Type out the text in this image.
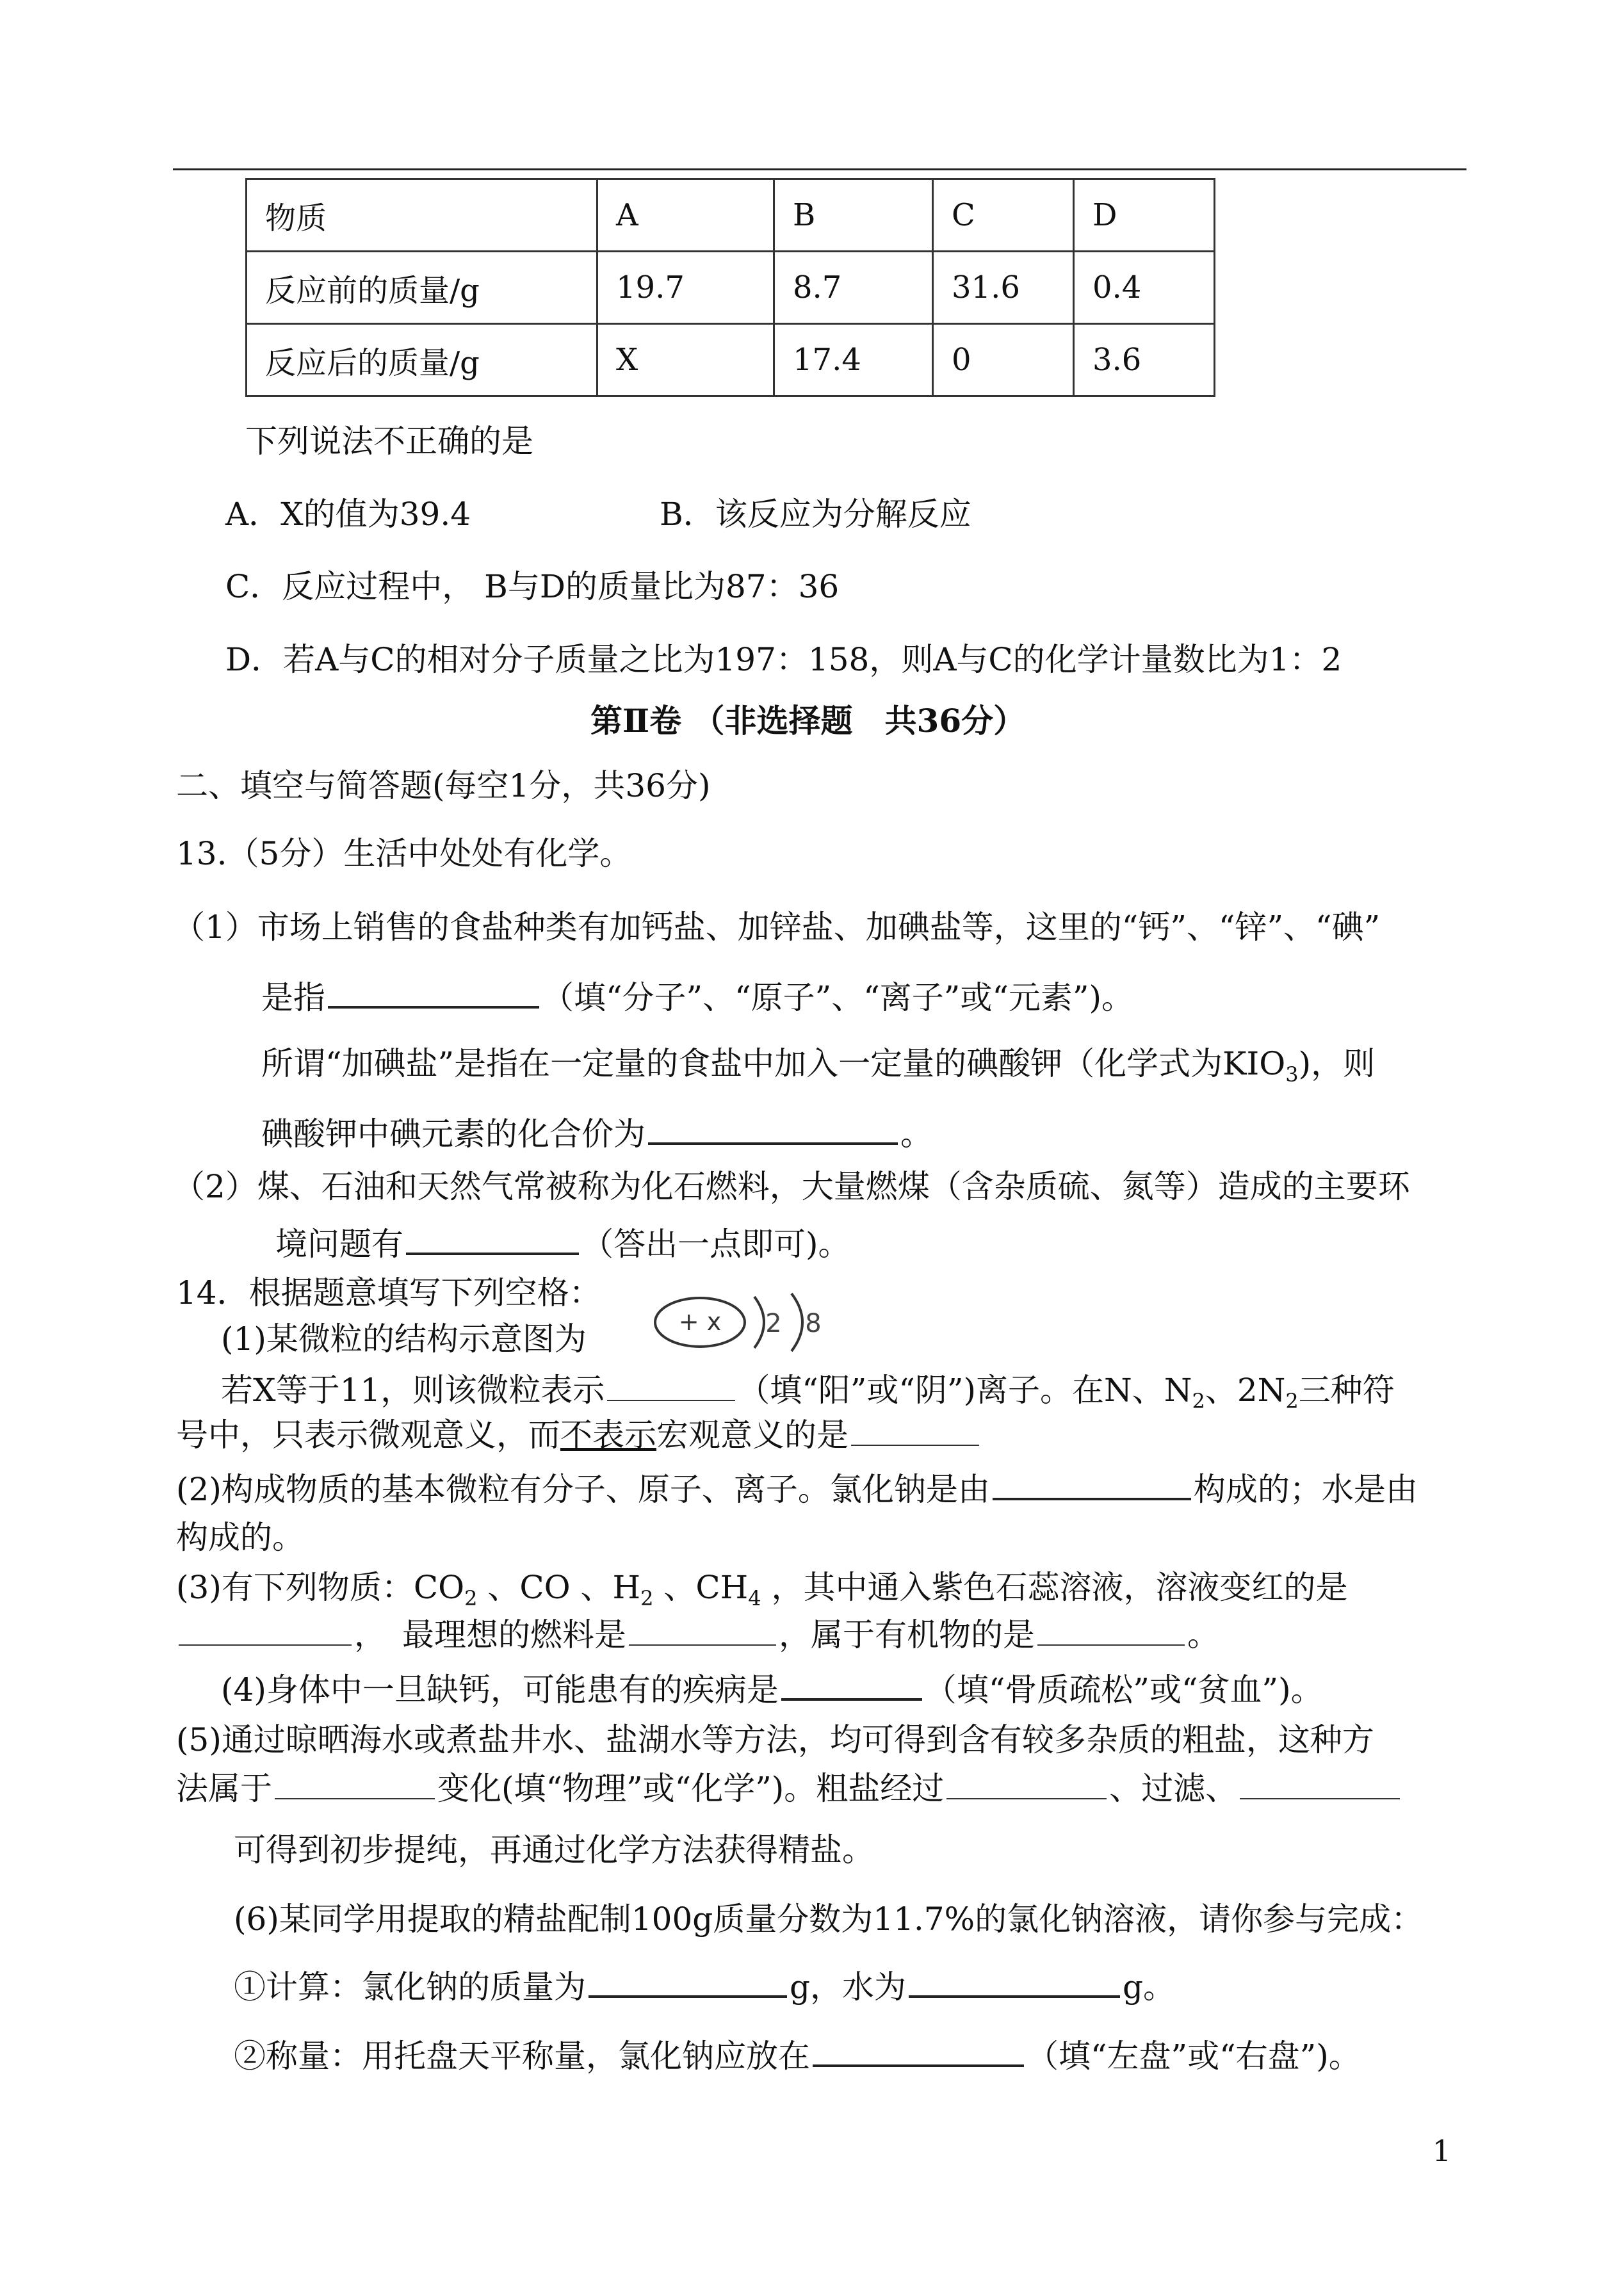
物质	A	B	C	D
反应前的质量/g	19.7	8.7	31.6	0.4
反应后的质量/g	X	17.4	0	3.6
下列说法不正确的是
A．X的值为39.4	B．该反应为分解反应
C．反应过程中， B与D的质量比为87：36
D．若A与C的相对分子质量之比为197：158，则A与C的化学计量数比为1：2
第Ⅱ卷 （非选择题　共36分）
二、填空与简答题(每空1分，共36分)
13.（5分）生活中处处有化学。
（1）市场上销售的食盐种类有加钙盐、加锌盐、加碘盐等，这里的“钙”、“锌”、“碘”
是指	（填“分子”、“原子”、“离子”或“元素”)。
所谓“加碘盐”是指在一定量的食盐中加入一定量的碘酸钾（化学式为$KIO_3$)，则
碘酸钾中碘元素的化合价为	。
（2）煤、石油和天然气常被称为化石燃料，大量燃煤（含杂质硫、氮等）造成的主要环
境问题有	（答出一点即可)。
14．根据题意填写下列空格：
(1)某微粒的结构示意图为	+ x 2 8
若X等于11，则该微粒表示	（填“阳”或“阴”)离子。在N、$N_2$、$2N_2$三种符
号中，只表示微观意义，而不表示宏观意义的是
(2)构成物质的基本微粒有分子、原子、离子。氯化钠是由	构成的；水是由
构成的。
(3)有下列物质：$CO_2$ 、CO 、$H_2$ 、$CH_4$ ，其中通入紫色石蕊溶液，溶液变红的是
，　最理想的燃料是	，属于有机物的是	。
(4)身体中一旦缺钙，可能患有的疾病是	（填“骨质疏松”或“贫血”)。
(5)通过晾晒海水或煮盐井水、盐湖水等方法，均可得到含有较多杂质的粗盐，这种方
法属于	变化(填“物理”或“化学”)。粗盐经过	、过滤、
可得到初步提纯，再通过化学方法获得精盐。
(6)某同学用提取的精盐配制100g质量分数为11.7%的氯化钠溶液，请你参与完成：
①计算：氯化钠的质量为	g，水为	g。
②称量：用托盘天平称量，氯化钠应放在	（填“左盘”或“右盘”)。
1
